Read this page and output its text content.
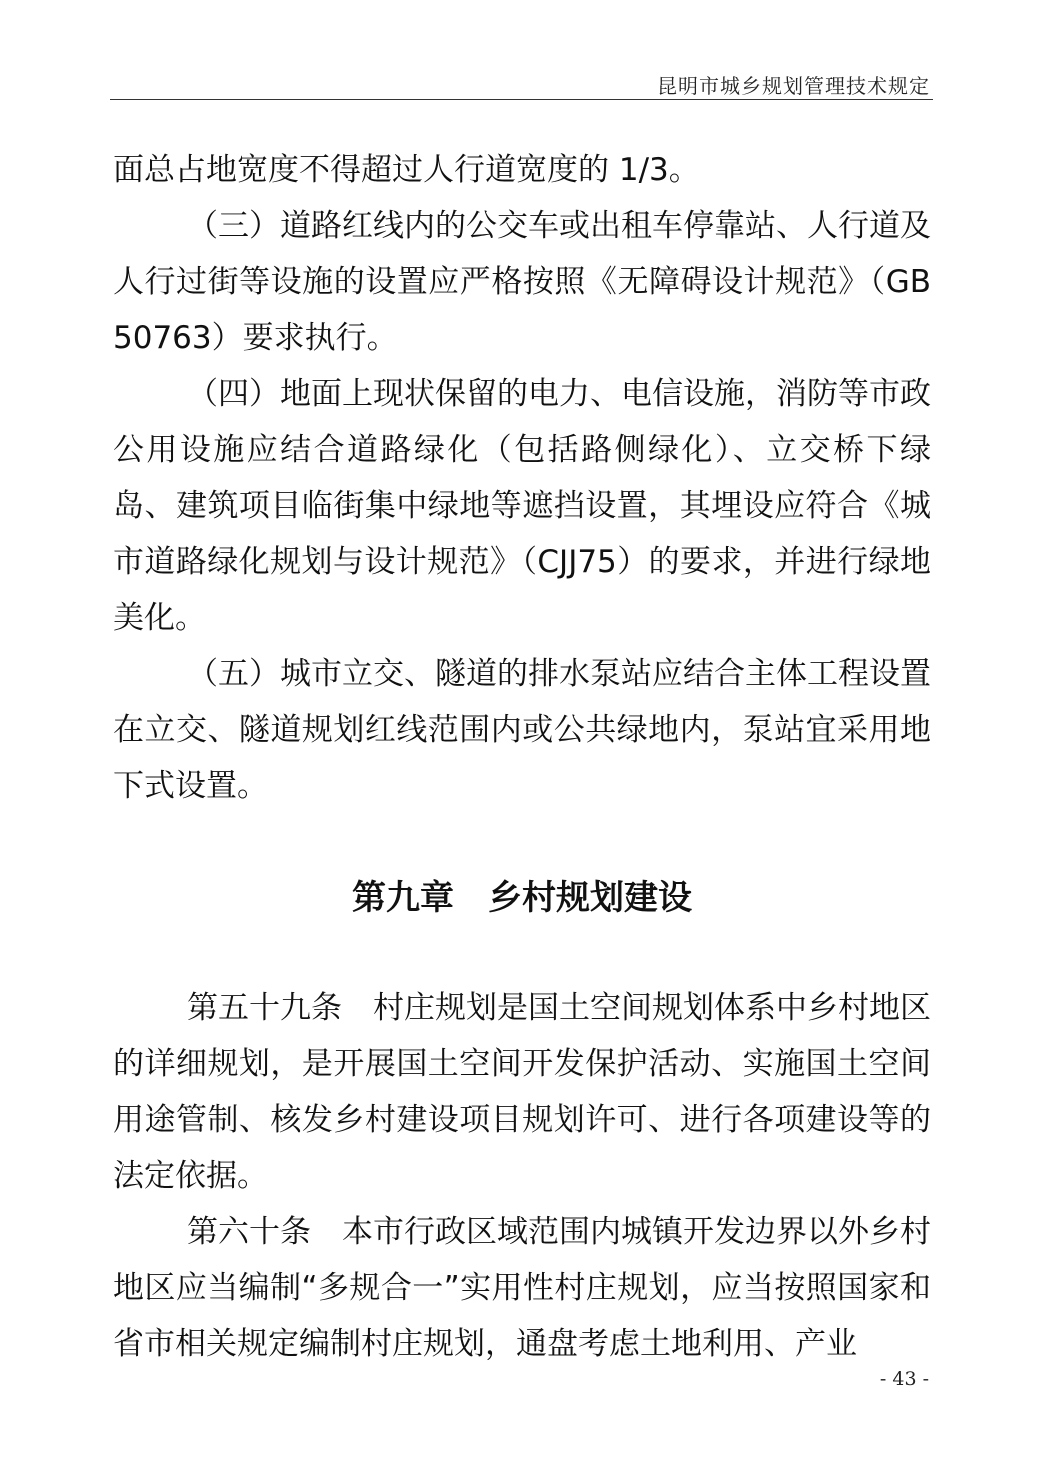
昆明市城乡规划管理技术规定

面总占地宽度不得超过人行道宽度的 1/3。

（三）道路红线内的公交车或出租车停靠站、人行道及人行过街等设施的设置应严格按照《无障碍设计规范》（GB50763）要求执行。

（四）地面上现状保留的电力、电信设施，消防等市政公用设施应结合道路绿化（包括路侧绿化）、立交桥下绿岛、建筑项目临街集中绿地等遮挡设置，其埋设应符合《城市道路绿化规划与设计规范》（CJJ75）的要求，并进行绿地美化。

（五）城市立交、隧道的排水泵站应结合主体工程设置在立交、隧道规划红线范围内或公共绿地内，泵站宜采用地下式设置。

第九章　乡村规划建设

第五十九条　村庄规划是国土空间规划体系中乡村地区的详细规划，是开展国土空间开发保护活动、实施国土空间用途管制、核发乡村建设项目规划许可、进行各项建设等的法定依据。

第六十条　本市行政区域范围内城镇开发边界以外乡村地区应当编制“多规合一”实用性村庄规划，应当按照国家和省市相关规定编制村庄规划，通盘考虑土地利用、产业

- 43 -
